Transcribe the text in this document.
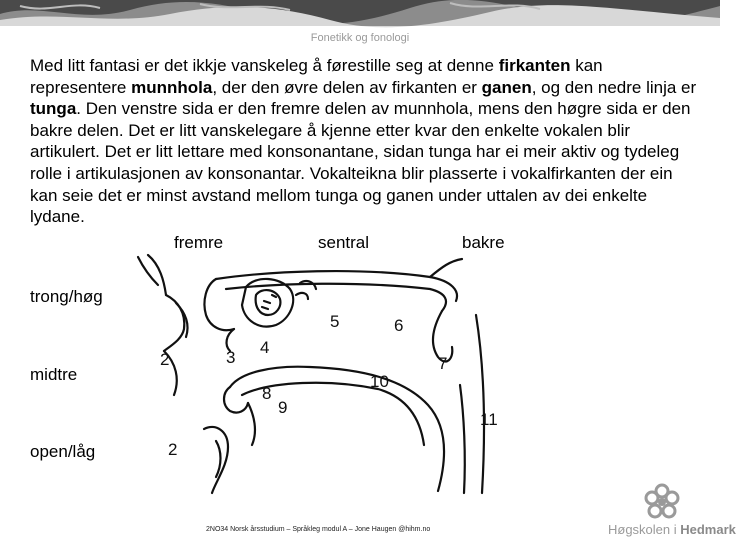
Fonetikk og fonologi
Med litt fantasi er det ikkje vanskeleg å førestille seg at denne firkanten kan representere munnhola, der den øvre delen av firkanten er ganen, og den nedre linja er tunga. Den venstre sida er den fremre delen av munnhola, mens den høgre sida er den bakre delen. Det er litt vanskelegare å kjenne etter kvar den enkelte vokalen blir artikulert. Det er litt lettare med konsonantane, sidan tunga har ei meir aktiv og tydeleg rolle i artikulasjonen av konsonantar. Vokalteikna blir plasserte i vokalfirkanten der ein kan seie det er minst avstand mellom tunga og ganen under uttalen av dei enkelte lydane.
fremre	sentral	bakre
trong/høg
midtre
open/låg
2	3
4
5	6
7
8
9
10
11
2
2NO34 Norsk årsstudium – Språkleg modul A – Jone Haugen @hihm.no	Høgskolen i Hedmark
